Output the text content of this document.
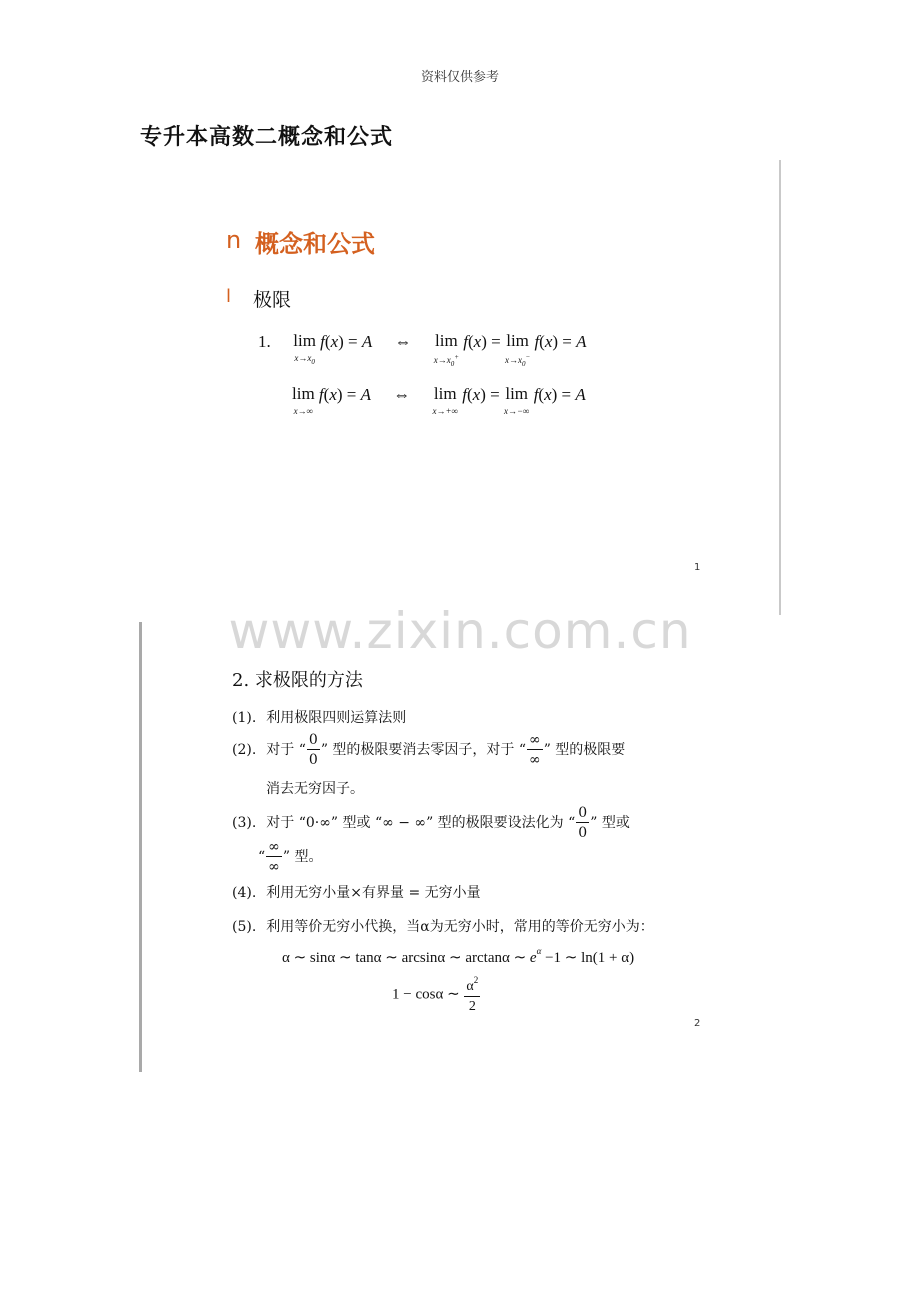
资料仅供参考
专升本高数二概念和公式
n 概念和公式
l 极限
1. lim
$x\to x_0$
f(x) = A ⇔ lim
$x\to x_0^+$
f(x) = lim
$x\to x_0^-$
f(x) = A
lim
x→∞
f(x) = A ⇔ lim
x→+∞
f(x) = lim
x→−∞
f(x) = A
1
www.zixin.com.cn
2. 求极限的方法
(1). 利用极限四则运算法则
(2). 对于 “ $\frac{0}{0}$ ” 型的极限要消去零因子，对于 “ $\frac{\infty}{\infty}$ ” 型的极限要
消去无穷因子。
(3). 对于 “0·∞” 型或 “∞ − ∞” 型的极限要设法化为 “ $\frac{0}{0}$ ” 型或
“ $\frac{\infty}{\infty}$ ” 型。
(4). 利用无穷小量×有界量 = 无穷小量
(5). 利用等价无穷小代换，当α为无穷小时，常用的等价无穷小为：
α ∼ sinα ∼ tanα ∼ arcsinα ∼ arctanα ∼ $e^\alpha -1$ ∼ ln(1 + α)
1 − cosα ∼ $\frac{\alpha^2}{2}$
2
